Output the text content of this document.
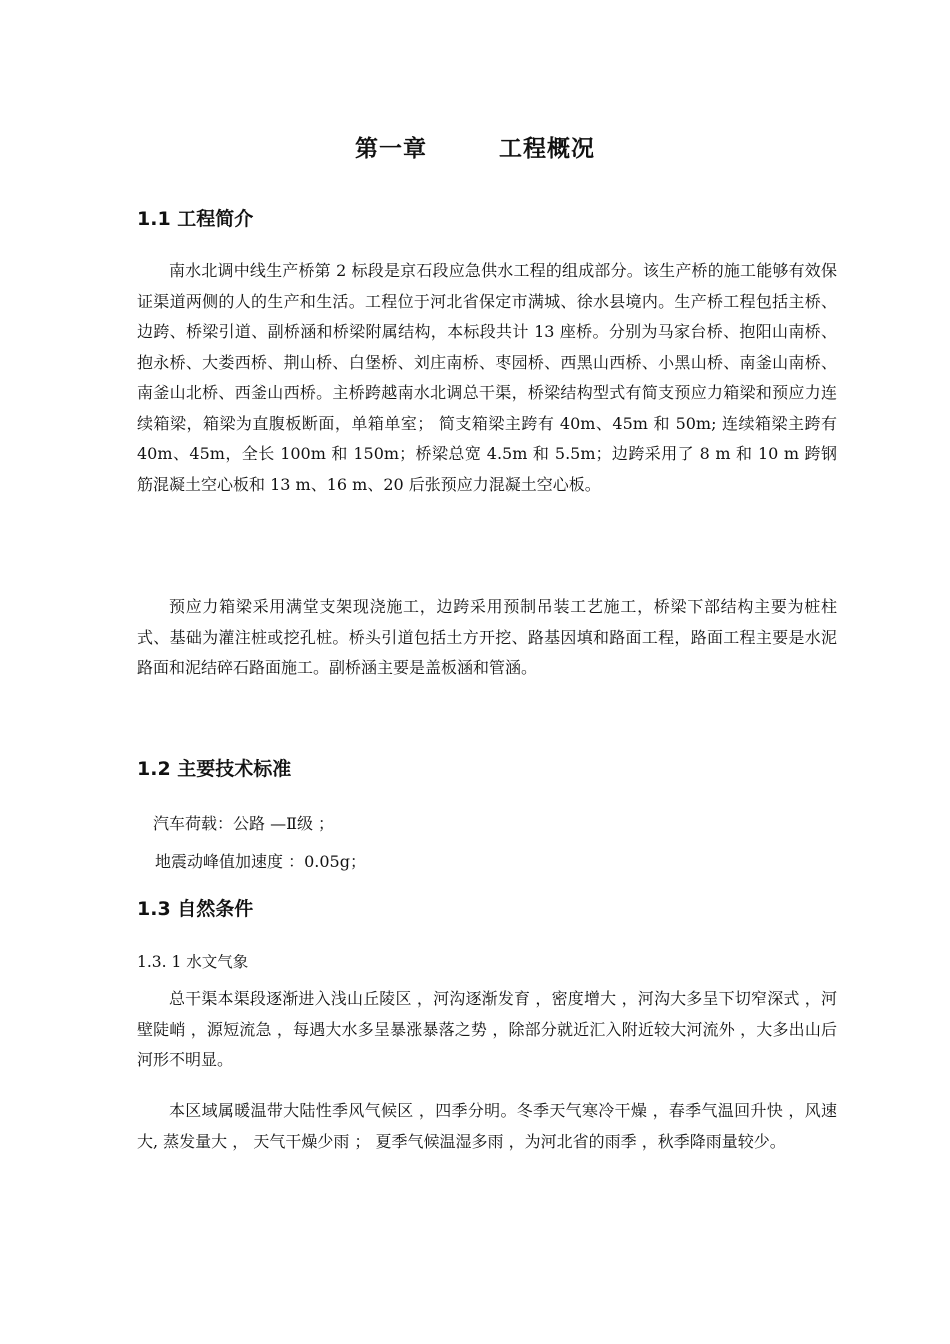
第一章        工程概况
1.1 工程简介
南水北调中线生产桥第 2 标段是京石段应急供水工程的组成部分。该生产桥的施工能够有效保证渠道两侧的人的生产和生活。工程位于河北省保定市满城、徐水县境内。生产桥工程包括主桥、边跨、桥梁引道、副桥涵和桥梁附属结构，本标段共计 13 座桥。分别为马家台桥、抱阳山南桥、抱永桥、大娄西桥、荆山桥、白堡桥、刘庄南桥、枣园桥、西黑山西桥、小黑山桥、南釜山南桥、南釜山北桥、西釜山西桥。主桥跨越南水北调总干渠，桥梁结构型式有简支预应力箱梁和预应力连续箱梁，箱梁为直腹板断面，单箱单室； 简支箱梁主跨有 40m、45m 和 50m; 连续箱梁主跨有 40m、45m，全长 100m 和 150m；桥梁总宽 4.5m 和 5.5m；边跨采用了 8 m 和 10 m 跨钢筋混凝土空心板和 13 m、16 m、20 后张预应力混凝土空心板。
预应力箱梁采用满堂支架现浇施工，边跨采用预制吊装工艺施工，桥梁下部结构主要为桩柱式、基础为灌注桩或挖孔桩。桥头引道包括土方开挖、路基因填和路面工程，路面工程主要是水泥路面和泥结碎石路面施工。副桥涵主要是盖板涵和管涵。
1.2 主要技术标准
汽车荷载：公路 —Ⅱ级 ；
地震动峰值加速度 ：0.05g；
1.3 自然条件
1.3. 1 水文气象
总干渠本渠段逐渐进入浅山丘陵区 ，河沟逐渐发育 ，密度增大 ，河沟大多呈下切窄深式 ，河壁陡峭 ，源短流急 ，每遇大水多呈暴涨暴落之势 ，除部分就近汇入附近较大河流外 ，大多出山后 河形不明显。
本区域属暖温带大陆性季风气候区 ，四季分明。冬季天气寒冷干燥 ，春季气温回升快 ，风速大, 蒸发量大 ， 天气干燥少雨 ； 夏季气候温湿多雨 ，为河北省的雨季 ，秋季降雨量较少。
